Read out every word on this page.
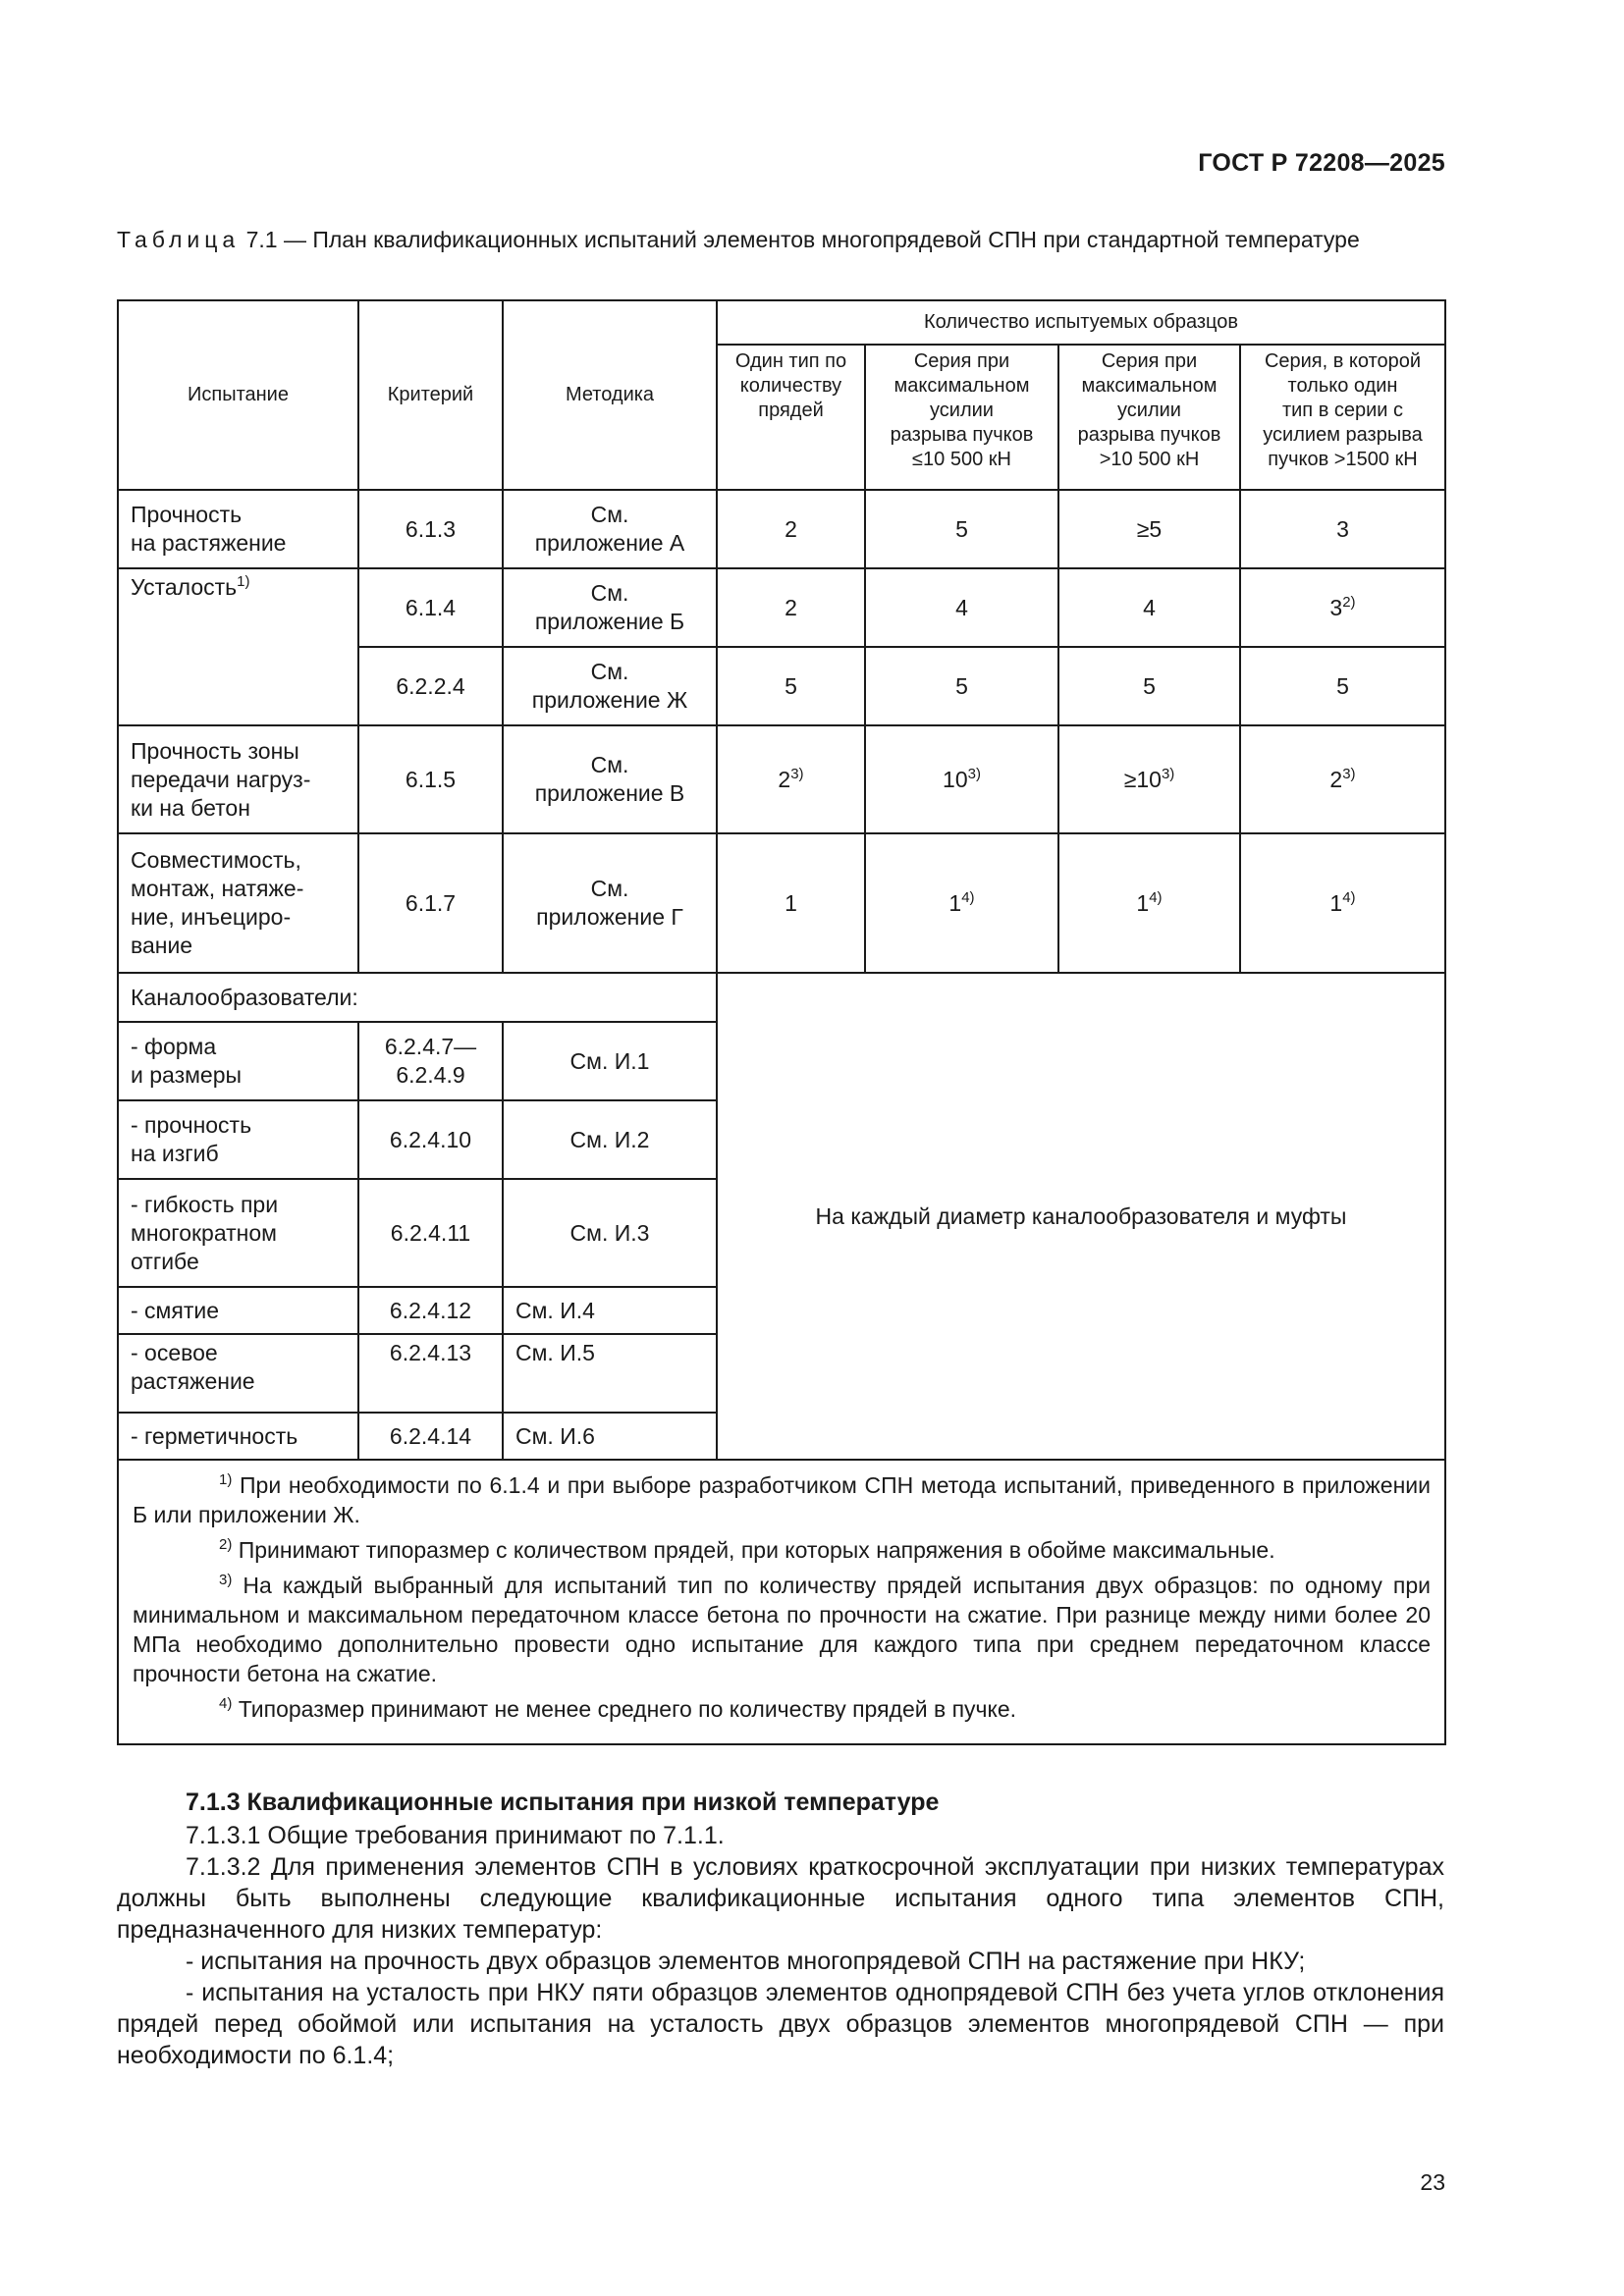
ГОСТ Р 72208—2025
Таблица 7.1 — План квалификационных испытаний элементов многопрядевой СПН при стандартной температуре
Испытание	Критерий	Методика	Количество испытуемых образцов			

			Один тип по
количеству
прядей	Серия при
максимальном
усилии
разрыва пучков
≤10 500 кН	Серия при
максимальном
усилии
разрыва пучков
>10 500 кН	Серия, в которой
только один
тип в серии с
усилием разрыва
пучков >1500 кН

Прочность
на растяжение	6.1.3	См.
приложение А	2	5	≥5	3
Усталость$^{1)}$	6.1.4	См.
приложение Б	2	4	4	3$^{2)}$
	6.2.2.4	См.
приложение Ж	5	5	5	5

Прочность зоны
передачи нагруз-
ки на бетон	6.1.5	См.
приложение В	2$^{3)}$	$10^{3)}$	$\ge 10^{3)}$	2$^{3)}$

Совместимость,
монтаж, натяже-
ние, инъециро-
вание	6.1.7	См.
приложение Г	1	1$^{4)}$	1$^{4)}$	1$^{4)}$
Каналообразователи:			На каждый диаметр каналообразователя и муфты			

- форма
и размеры	6.2.4.7—
6.2.4.9	См. И.1				

- прочность
на изгиб	6.2.4.10	См. И.2				

- гибкость при
многократном
отгибе	6.2.4.11	См. И.3				
- смятие	6.2.4.12	См. И.4				

- осевое
растяжение	6.2.4.13	См. И.5				
- герметичность	6.2.4.14	См. И.6				

$^{1)}$ При необходимости по 6.1.4 и при выборе разработчиком СПН метода испытаний, приведенного в приложении Б или приложении Ж.

$^{2)}$ Принимают типоразмер с количеством прядей, при которых напряжения в обойме максимальные.

$^{3)}$ На каждый выбранный для испытаний тип по количеству прядей испытания двух образцов: по одному при минимальном и максимальном передаточном классе бетона по прочности на сжатие. При разнице между ними более 20 МПа необходимо дополнительно провести одно испытание для каждого типа при среднем передаточном классе прочности бетона на сжатие.

$^{4)}$ Типоразмер принимают не менее среднего по количеству прядей в пучке.						

7.1.3 Квалификационные испытания при низкой температуре

7.1.3.1 Общие требования принимают по 7.1.1.

7.1.3.2 Для применения элементов СПН в условиях краткосрочной эксплуатации при низких температурах должны быть выполнены следующие квалификационные испытания одного типа элементов СПН, предназначенного для низких температур:

- испытания на прочность двух образцов элементов многопрядевой СПН на растяжение при НКУ;

- испытания на усталость при НКУ пяти образцов элементов однопрядевой СПН без учета углов отклонения прядей перед обоймой или испытания на усталость двух образцов элементов многопрядевой СПН — при необходимости по 6.1.4;

23
